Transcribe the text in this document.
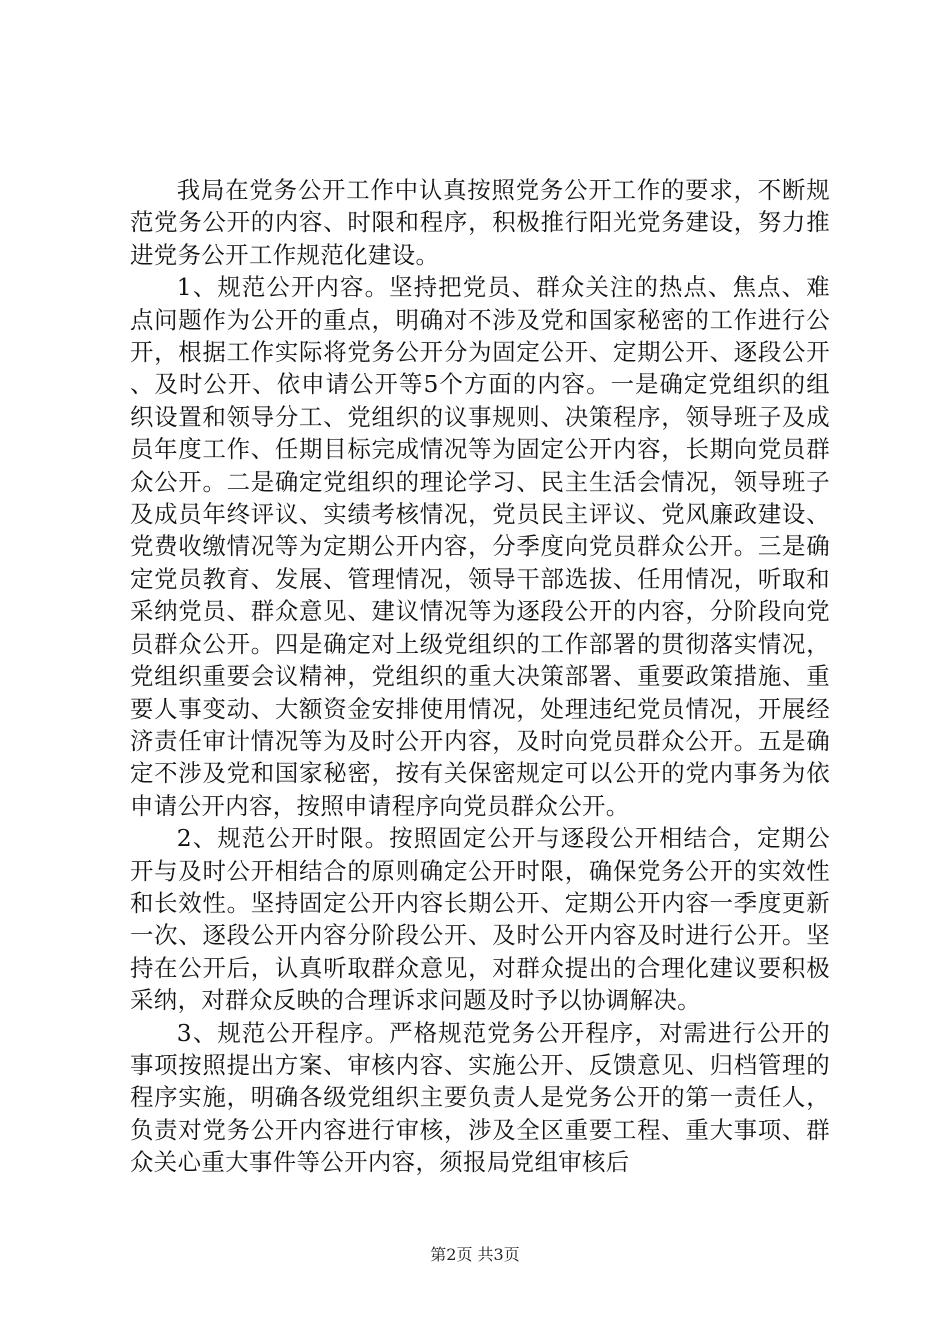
我局在党务公开工作中认真按照党务公开工作的要求，不断规范党务公开的内容、时限和程序，积极推行阳光党务建设，努力推进党务公开工作规范化建设。

1、规范公开内容。坚持把党员、群众关注的热点、焦点、难点问题作为公开的重点，明确对不涉及党和国家秘密的工作进行公开，根据工作实际将党务公开分为固定公开、定期公开、逐段公开、及时公开、依申请公开等5个方面的内容。一是确定党组织的组织设置和领导分工、党组织的议事规则、决策程序，领导班子及成员年度工作、任期目标完成情况等为固定公开内容，长期向党员群众公开。二是确定党组织的理论学习、民主生活会情况，领导班子及成员年终评议、实绩考核情况，党员民主评议、党风廉政建设、党费收缴情况等为定期公开内容，分季度向党员群众公开。三是确定党员教育、发展、管理情况，领导干部选拔、任用情况，听取和采纳党员、群众意见、建议情况等为逐段公开的内容，分阶段向党员群众公开。四是确定对上级党组织的工作部署的贯彻落实情况，党组织重要会议精神，党组织的重大决策部署、重要政策措施、重要人事变动、大额资金安排使用情况，处理违纪党员情况，开展经济责任审计情况等为及时公开内容，及时向党员群众公开。五是确定不涉及党和国家秘密，按有关保密规定可以公开的党内事务为依申请公开内容，按照申请程序向党员群众公开。

2、规范公开时限。按照固定公开与逐段公开相结合，定期公开与及时公开相结合的原则确定公开时限，确保党务公开的实效性和长效性。坚持固定公开内容长期公开、定期公开内容一季度更新一次、逐段公开内容分阶段公开、及时公开内容及时进行公开。坚持在公开后，认真听取群众意见，对群众提出的合理化建议要积极采纳，对群众反映的合理诉求问题及时予以协调解决。

3、规范公开程序。严格规范党务公开程序，对需进行公开的事项按照提出方案、审核内容、实施公开、反馈意见、归档管理的程序实施，明确各级党组织主要负责人是党务公开的第一责任人，负责对党务公开内容进行审核，涉及全区重要工程、重大事项、群众关心重大事件等公开内容，须报局党组审核后

第2页 共3页
